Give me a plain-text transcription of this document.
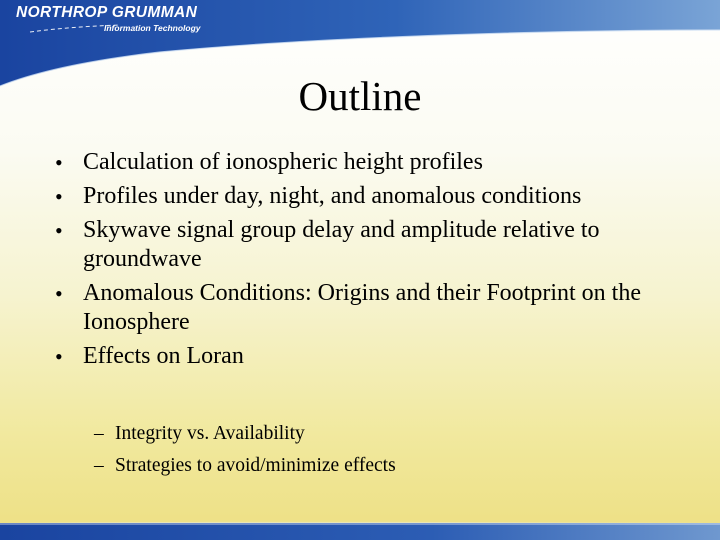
NORTHROP GRUMMAN
Information Technology
Outline
• Calculation of ionospheric height profiles
• Profiles under day, night, and anomalous conditions
• Skywave signal group delay and amplitude relative to groundwave
• Anomalous Conditions: Origins and their Footprint on the Ionosphere
• Effects on Loran
– Integrity vs. Availability
– Strategies to avoid/minimize effects
